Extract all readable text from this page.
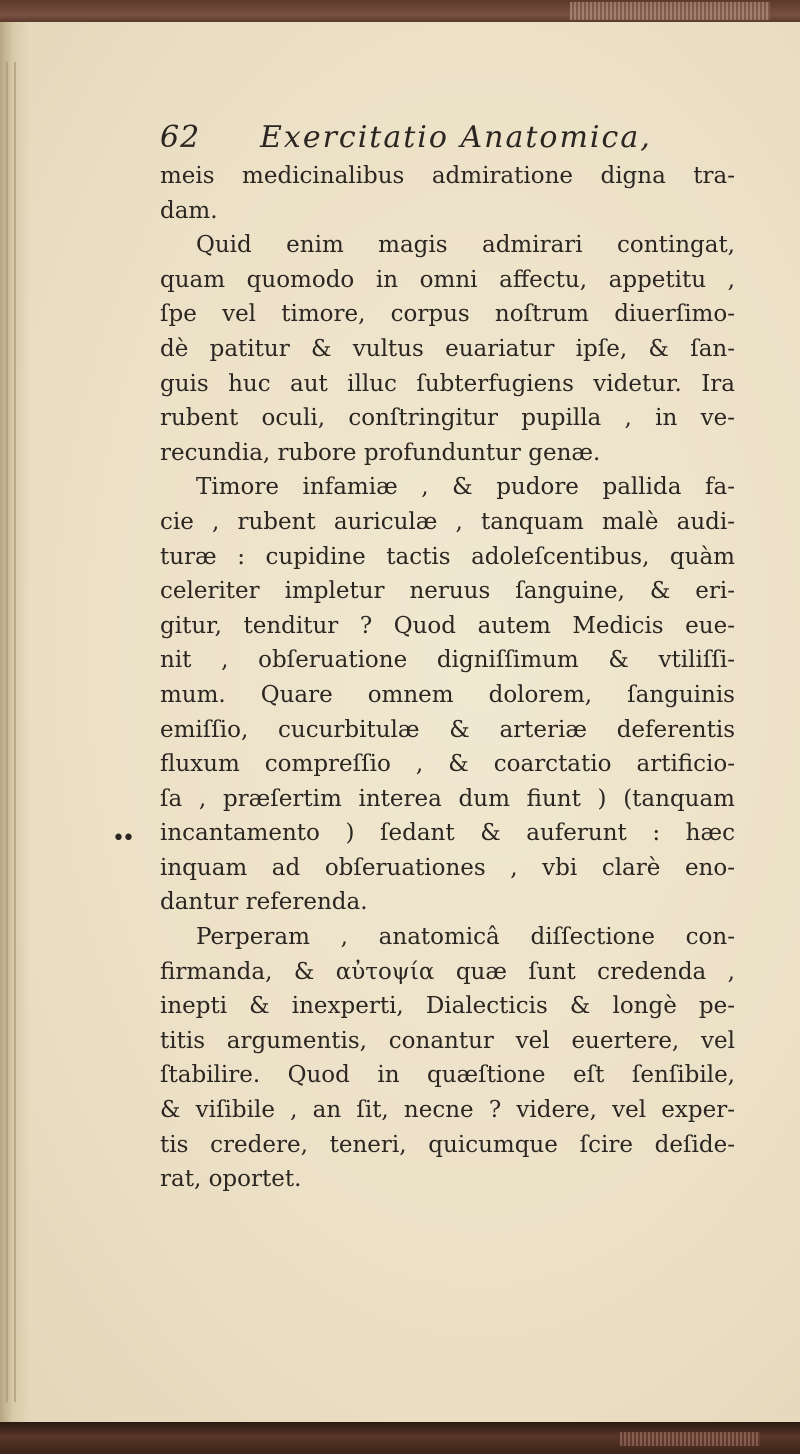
62 Exercitatio Anatomica,
••
meis medicinalibus admiratione digna tra-
dam.
Quid enim magis admirari contingat,
quam quomodo in omni affectu, appetitu ,
ſpe vel timore, corpus noſtrum diuerſimo-
dè patitur & vultus euariatur ipſe, & ſan-
guis huc aut illuc ſubterfugiens videtur. Ira
rubent oculi, conſtringitur pupilla , in ve-
recundia, rubore profunduntur genæ.
Timore infamiæ , & pudore pallida fa-
cie , rubent auriculæ , tanquam malè audi-
turæ : cupidine tactis adoleſcentibus, quàm
celeriter impletur neruus ſanguine, & eri-
gitur, tenditur ? Quod autem Medicis eue-
nit , obſeruatione digniſſimum & vtiliſſi-
mum. Quare omnem dolorem, ſanguinis
emiſſio, cucurbitulæ & arteriæ deferentis
fluxum compreſſio , & coarctatio artificio-
ſa , præſertim interea dum fiunt ) (tanquam
incantamento ) ſedant & auferunt : hæc
inquam ad obſeruationes , vbi clarè eno-
dantur referenda.
Perperam , anatomicâ diſſectione con-
firmanda, & αὐτοψία quæ ſunt credenda ,
inepti & inexperti, Dialecticis & longè pe-
titis argumentis, conantur vel euertere, vel
ſtabilire. Quod in quæſtione eſt ſenſibile,
& viſibile , an ſit, necne ? videre, vel exper-
tis credere, teneri, quicumque ſcire deſide-
rat, oportet.
